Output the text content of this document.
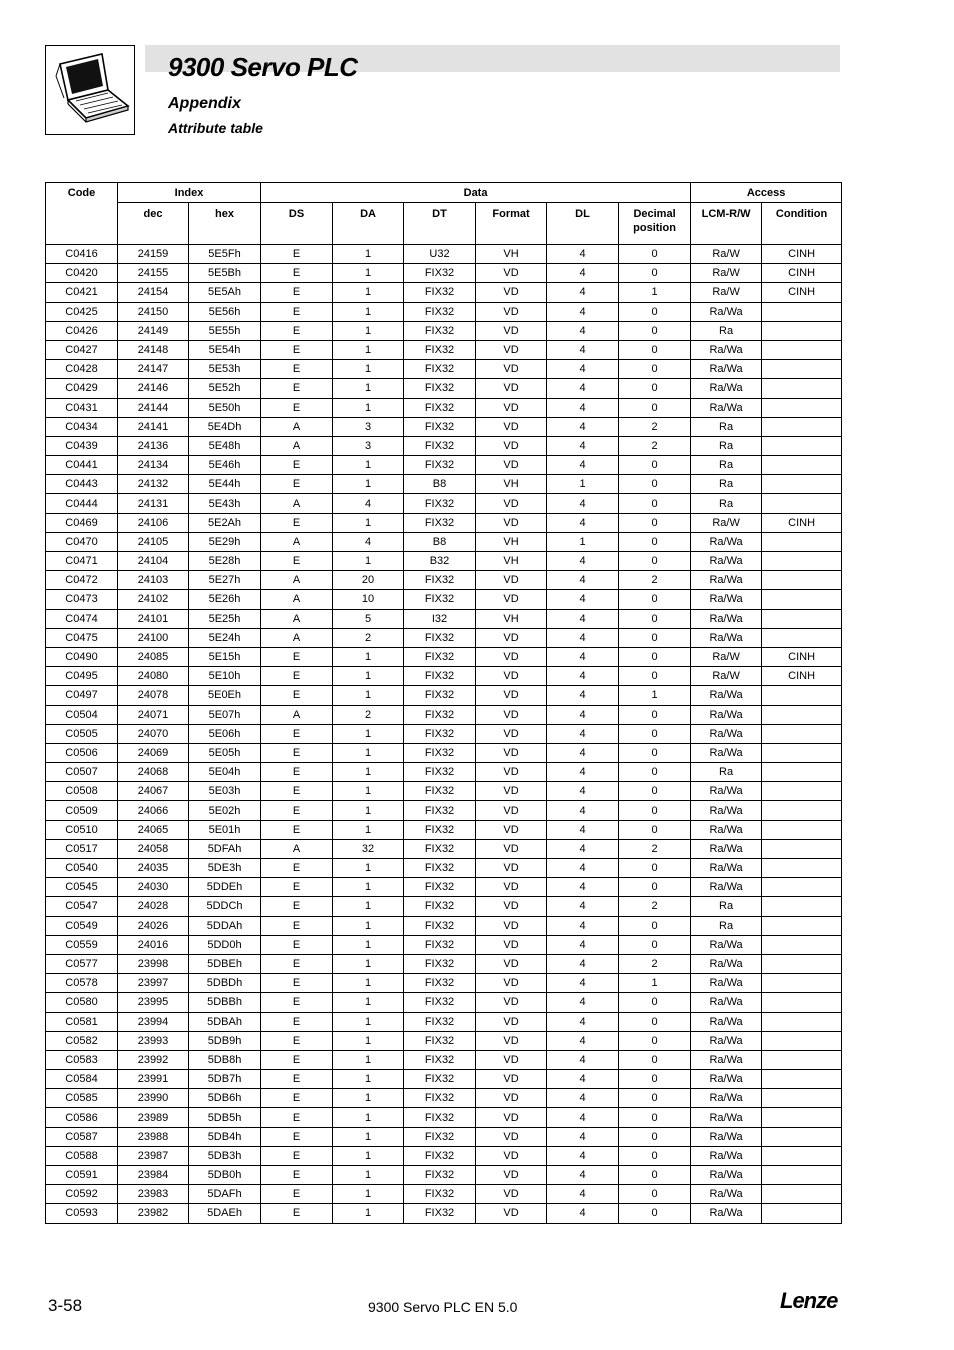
9300 Servo PLC
Appendix
Attribute table
Code	Index		Data						Access	
	dec	hex	DS	DA	DT	Format	DL	Decimal position	LCM-R/W	Condition
C0416	24159	5E5Fh	E	1	U32	VH	4	0	Ra/W	CINH
C0420	24155	5E5Bh	E	1	FIX32	VD	4	0	Ra/W	CINH
C0421	24154	5E5Ah	E	1	FIX32	VD	4	1	Ra/W	CINH
C0425	24150	5E56h	E	1	FIX32	VD	4	0	Ra/Wa	
C0426	24149	5E55h	E	1	FIX32	VD	4	0	Ra	
C0427	24148	5E54h	E	1	FIX32	VD	4	0	Ra/Wa	
C0428	24147	5E53h	E	1	FIX32	VD	4	0	Ra/Wa	
C0429	24146	5E52h	E	1	FIX32	VD	4	0	Ra/Wa	
C0431	24144	5E50h	E	1	FIX32	VD	4	0	Ra/Wa	
C0434	24141	5E4Dh	A	3	FIX32	VD	4	2	Ra	
C0439	24136	5E48h	A	3	FIX32	VD	4	2	Ra	
C0441	24134	5E46h	E	1	FIX32	VD	4	0	Ra	
C0443	24132	5E44h	E	1	B8	VH	1	0	Ra	
C0444	24131	5E43h	A	4	FIX32	VD	4	0	Ra	
C0469	24106	5E2Ah	E	1	FIX32	VD	4	0	Ra/W	CINH
C0470	24105	5E29h	A	4	B8	VH	1	0	Ra/Wa	
C0471	24104	5E28h	E	1	B32	VH	4	0	Ra/Wa	
C0472	24103	5E27h	A	20	FIX32	VD	4	2	Ra/Wa	
C0473	24102	5E26h	A	10	FIX32	VD	4	0	Ra/Wa	
C0474	24101	5E25h	A	5	I32	VH	4	0	Ra/Wa	
C0475	24100	5E24h	A	2	FIX32	VD	4	0	Ra/Wa	
C0490	24085	5E15h	E	1	FIX32	VD	4	0	Ra/W	CINH
C0495	24080	5E10h	E	1	FIX32	VD	4	0	Ra/W	CINH
C0497	24078	5E0Eh	E	1	FIX32	VD	4	1	Ra/Wa	
C0504	24071	5E07h	A	2	FIX32	VD	4	0	Ra/Wa	
C0505	24070	5E06h	E	1	FIX32	VD	4	0	Ra/Wa	
C0506	24069	5E05h	E	1	FIX32	VD	4	0	Ra/Wa	
C0507	24068	5E04h	E	1	FIX32	VD	4	0	Ra	
C0508	24067	5E03h	E	1	FIX32	VD	4	0	Ra/Wa	
C0509	24066	5E02h	E	1	FIX32	VD	4	0	Ra/Wa	
C0510	24065	5E01h	E	1	FIX32	VD	4	0	Ra/Wa	
C0517	24058	5DFAh	A	32	FIX32	VD	4	2	Ra/Wa	
C0540	24035	5DE3h	E	1	FIX32	VD	4	0	Ra/Wa	
C0545	24030	5DDEh	E	1	FIX32	VD	4	0	Ra/Wa	
C0547	24028	5DDCh	E	1	FIX32	VD	4	2	Ra	
C0549	24026	5DDAh	E	1	FIX32	VD	4	0	Ra	
C0559	24016	5DD0h	E	1	FIX32	VD	4	0	Ra/Wa	
C0577	23998	5DBEh	E	1	FIX32	VD	4	2	Ra/Wa	
C0578	23997	5DBDh	E	1	FIX32	VD	4	1	Ra/Wa	
C0580	23995	5DBBh	E	1	FIX32	VD	4	0	Ra/Wa	
C0581	23994	5DBAh	E	1	FIX32	VD	4	0	Ra/Wa	
C0582	23993	5DB9h	E	1	FIX32	VD	4	0	Ra/Wa	
C0583	23992	5DB8h	E	1	FIX32	VD	4	0	Ra/Wa	
C0584	23991	5DB7h	E	1	FIX32	VD	4	0	Ra/Wa	
C0585	23990	5DB6h	E	1	FIX32	VD	4	0	Ra/Wa	
C0586	23989	5DB5h	E	1	FIX32	VD	4	0	Ra/Wa	
C0587	23988	5DB4h	E	1	FIX32	VD	4	0	Ra/Wa	
C0588	23987	5DB3h	E	1	FIX32	VD	4	0	Ra/Wa	
C0591	23984	5DB0h	E	1	FIX32	VD	4	0	Ra/Wa	
C0592	23983	5DAFh	E	1	FIX32	VD	4	0	Ra/Wa	
C0593	23982	5DAEh	E	1	FIX32	VD	4	0	Ra/Wa	
3-58	9300 Servo PLC EN 5.0	Lenze
